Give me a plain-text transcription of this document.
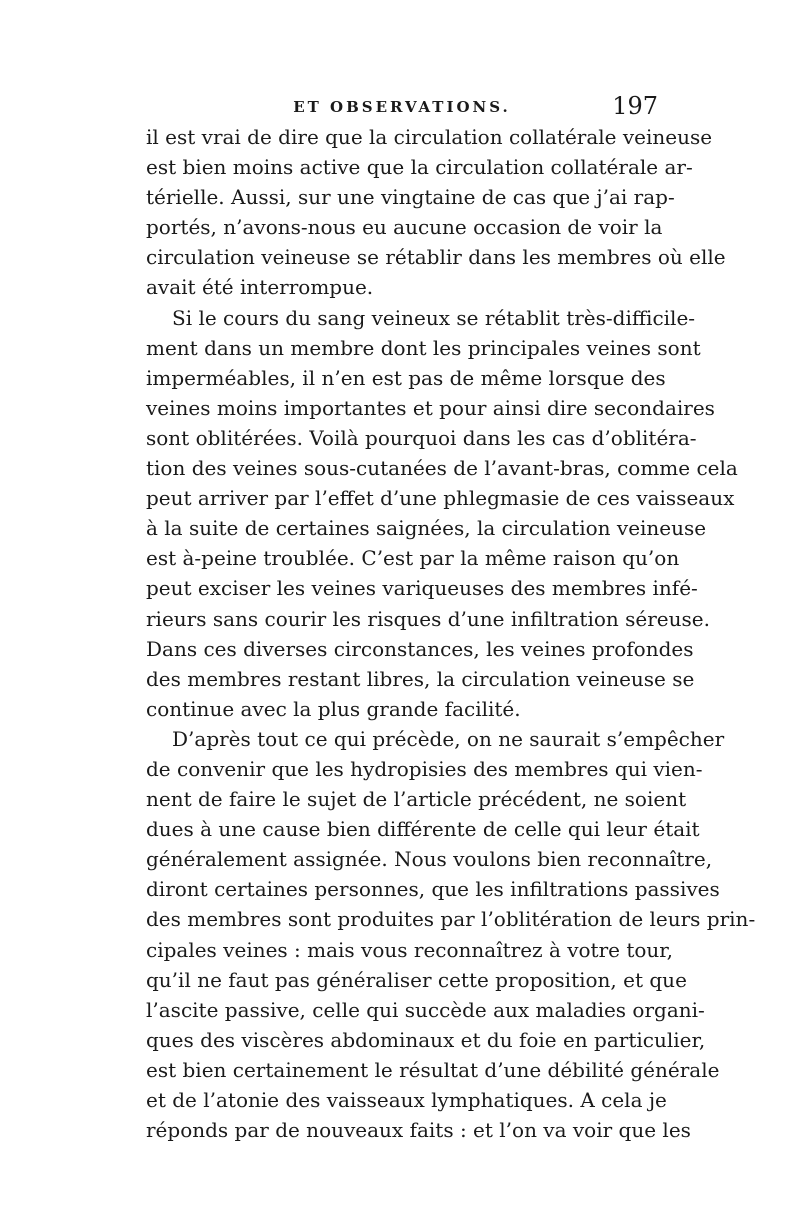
ET OBSERVATIONS.	197
il est vrai de dire que la circulation collatérale veineuse
est bien moins active que la circulation collatérale ar-
térielle. Aussi, sur une vingtaine de cas que j’ai rap-
portés, n’avons-nous eu aucune occasion de voir la
circulation veineuse se rétablir dans les membres où elle
avait été interrompue.
Si le cours du sang veineux se rétablit très-difficile-
ment dans un membre dont les principales veines sont
imperméables, il n’en est pas de même lorsque des
veines moins importantes et pour ainsi dire secondaires
sont oblitérées. Voilà pourquoi dans les cas d’oblitéra-
tion des veines sous-cutanées de l’avant-bras, comme cela
peut arriver par l’effet d’une phlegmasie de ces vaisseaux
à la suite de certaines saignées, la circulation veineuse
est à-peine troublée. C’est par la même raison qu’on
peut exciser les veines variqueuses des membres infé-
rieurs sans courir les risques d’une infiltration séreuse.
Dans ces diverses circonstances, les veines profondes
des membres restant libres, la circulation veineuse se
continue avec la plus grande facilité.
D’après tout ce qui précède, on ne saurait s’empêcher
de convenir que les hydropisies des membres qui vien-
nent de faire le sujet de l’article précédent, ne soient
dues à une cause bien différente de celle qui leur était
généralement assignée. Nous voulons bien reconnaître,
diront certaines personnes, que les infiltrations passives
des membres sont produites par l’oblitération de leurs prin-
cipales veines : mais vous reconnaîtrez à votre tour,
qu’il ne faut pas généraliser cette proposition, et que
l’ascite passive, celle qui succède aux maladies organi-
ques des viscères abdominaux et du foie en particulier,
est bien certainement le résultat d’une débilité générale
et de l’atonie des vaisseaux lymphatiques. A cela je
réponds par de nouveaux faits : et l’on va voir que les
